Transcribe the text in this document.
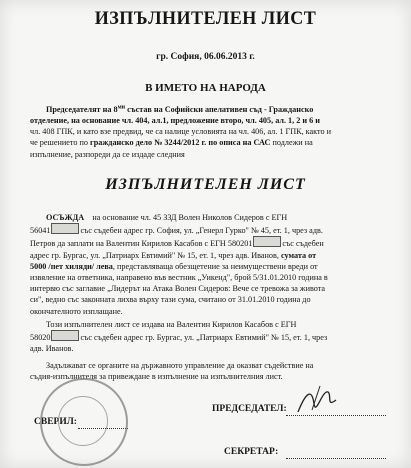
ИЗПЪЛНИТЕЛЕН ЛИСТ
гр. София, 06.06.2013 г.
В ИМЕТО НА НАРОДА
Председателят на $8^{ми}$ състав на Софийски апелативен съд - Гражданско
отделение, на основание чл. 404, ал.1, предложение второ, чл. 405, ал. 1, 2 и 6 и
чл. 408 ГПК, и като взе предвид, че са налице условията на чл. 406, ал. 1 ГПК, както и
че решението по гражданско дело № 3244/2012 г. по описа на САС подлежи на
изпълнение, разпореди да се издаде следния
ИЗПЪЛНИТЕЛЕН ЛИСТ
ОСЪЖДА на основание чл. 45 ЗЗД Волен Николов Сидеров с ЕГН
56041	със съдебен адрес гр. София, ул. „Генерл Гурко" № 45, ет. 1, чрез адв.
Петров да заплати на Валентин Кирилов Касабов с ЕГН 580201	със съдебен
адрес гр. Бургас, ул. „Патриарх Евтимий" № 15, ет. 1, чрез адв. Иванов, сумата от
5000 /пет хиляди/ лева, представляваща обезщетение за неимуществени вреди от
извяление на ответника, направено във вестник „Уикенд", брой 5/31.01.2010 година в
интервю със заглавие „Лидерът на Атака Волен Сидеров: Вече се тревожа за живота
си", ведно със законната лихва върху тази сума, считано от 31.01.2010 година до
окончателното изплащане.
Този изпълнителен лист се издава на Валентин Кирилов Касабов с ЕГН
58020	със съдебен адрес гр. Бургас, ул. „Патриарх Евтимий" № 15, ет. 1, чрез
адв. Иванов.
Задължават се органите на държавното управление да оказват съдействие на
съдия-изпълнителя за привеждане в изпълнение на изпълнителния лист.
ПРЕДСЕДАТЕЛ:
СВЕРИЛ:
СЕКРЕТАР:
